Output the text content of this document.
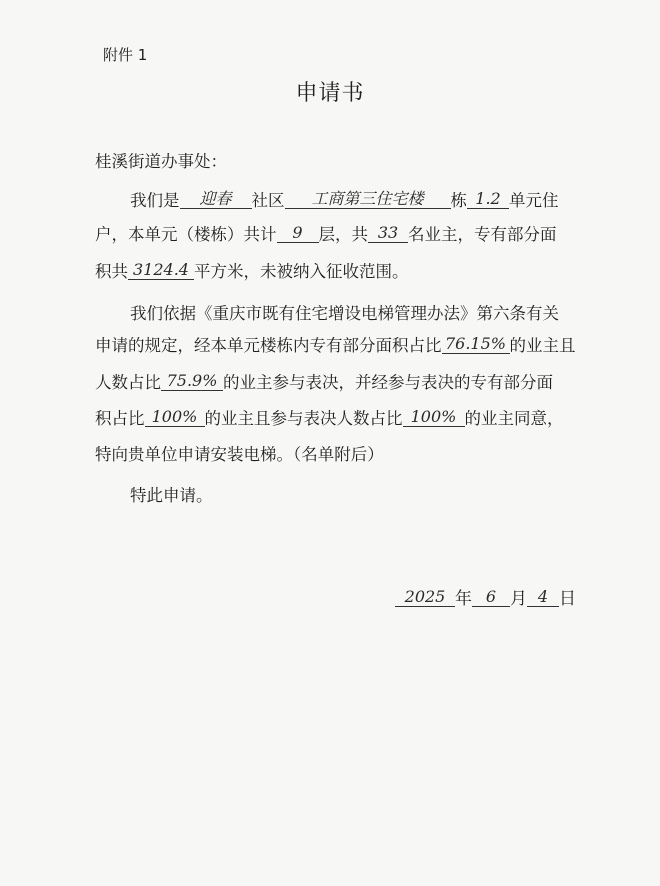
附件 1
申请书
桂溪街道办事处：
我们是 迎春 社区 工商第三住宅楼 栋 1.2 单元住
户，本单元（楼栋）共计 9 层，共 33 名业主，专有部分面
积共 3124.4 平方米，未被纳入征收范围。
我们依据《重庆市既有住宅增设电梯管理办法》第六条有关
申请的规定，经本单元楼栋内专有部分面积占比 76.15% 的业主且
人数占比 75.9% 的业主参与表决，并经参与表决的专有部分面
积占比 100% 的业主且参与表决人数占比 100% 的业主同意，
特向贵单位申请安装电梯。（名单附后）
特此申请。
2025 年 6 月 4 日
